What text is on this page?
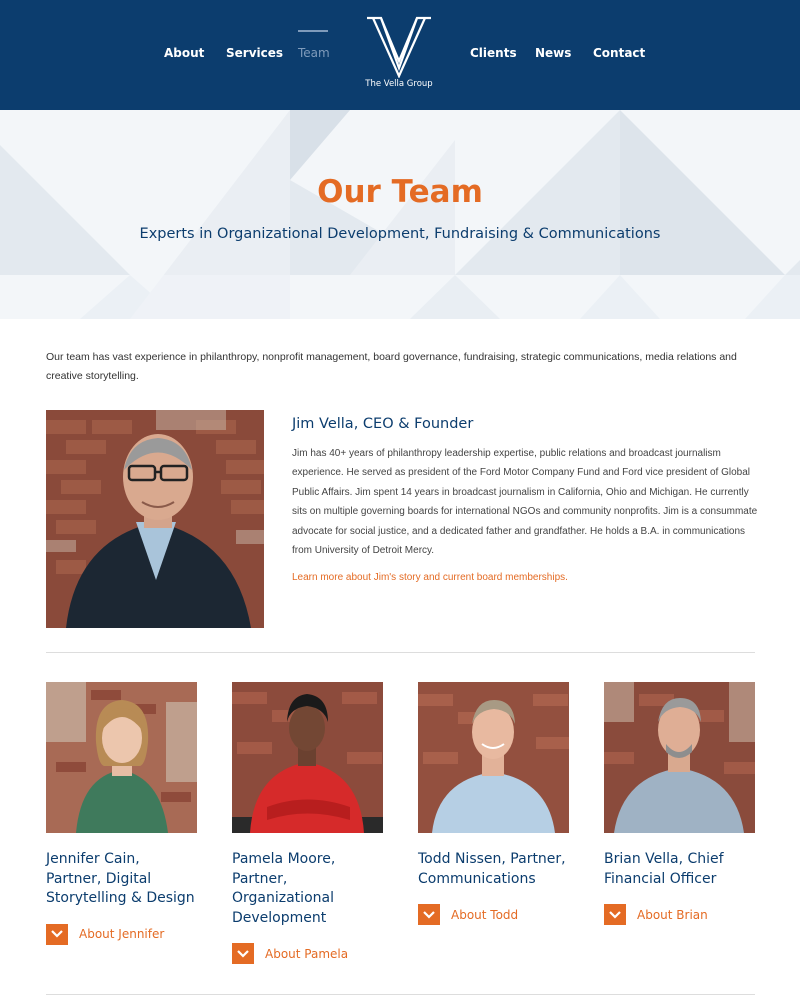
About Services Team	Clients News Contact
The Vella Group
Our Team
Experts in Organizational Development, Fundraising & Communications
Our team has vast experience in philanthropy, nonprofit management, board governance, fundraising, strategic communications, media relations and creative storytelling.
Jim Vella, CEO & Founder
Jim has 40+ years of philanthropy leadership expertise, public relations and broadcast journalism experience. He served as president of the Ford Motor Company Fund and Ford vice president of Global Public Affairs. Jim spent 14 years in broadcast journalism in California, Ohio and Michigan. He currently sits on multiple governing boards for international NGOs and community nonprofits. Jim is a consummate advocate for social justice, and a dedicated father and grandfather. He holds a B.A. in communications from University of Detroit Mercy.
Learn more about Jim's story and current board memberships.
Jennifer Cain, Partner, Digital Storytelling & Design
About Jennifer
Pamela Moore, Partner, Organizational Development
About Pamela
Todd Nissen, Partner, Communications
About Todd
Brian Vella, Chief Financial Officer
About Brian
